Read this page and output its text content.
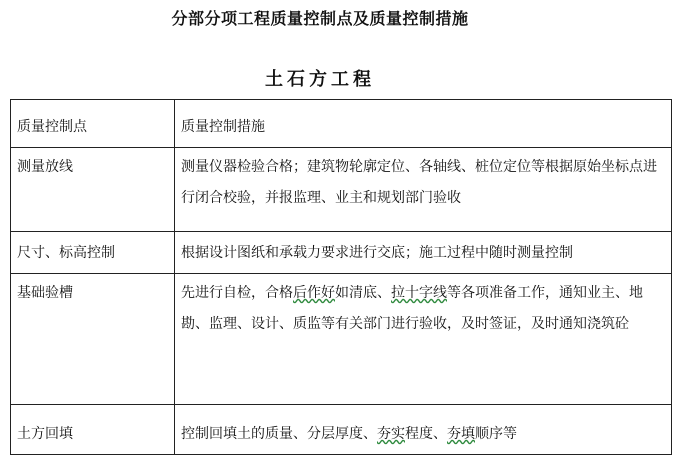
分部分项工程质量控制点及质量控制措施
土石方工程
质量控制点	质量控制措施
测量放线	测量仪器检验合格；建筑物轮廓定位、各轴线、桩位定位等根据原始坐标点进行闭合校验，并报监理、业主和规划部门验收
尺寸、标高控制	根据设计图纸和承载力要求进行交底；施工过程中随时测量控制
基础验槽	先进行自检，合格后作好如清底、拉十字线等各项准备工作，通知业主、地勘、监理、设计、质监等有关部门进行验收，及时签证，及时通知浇筑砼
土方回填	控制回填土的质量、分层厚度、夯实程度、夯填顺序等
